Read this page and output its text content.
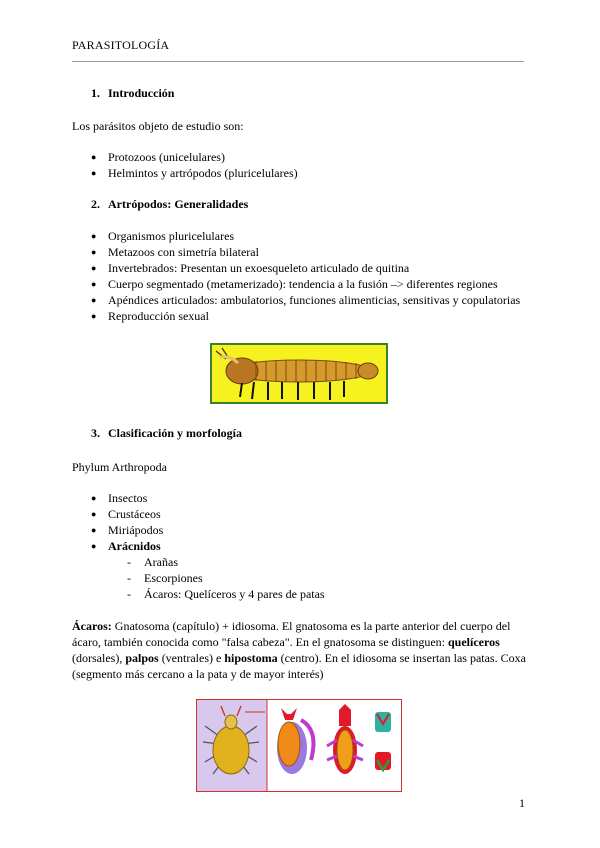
PARASITOLOGÍA
1. Introducción
Los parásitos objeto de estudio son:
● Protozoos (unicelulares)
● Helmintos y artrópodos (pluricelulares)
2. Artrópodos: Generalidades
● Organismos pluricelulares
● Metazoos con simetría bilateral
● Invertebrados: Presentan un exoesqueleto articulado de quitina
● Cuerpo segmentado (metamerizado): tendencia a la fusión –> diferentes regiones
● Apéndices articulados: ambulatorios, funciones alimenticias, sensitivas y copulatorias
● Reproducción sexual
3. Clasificación y morfología
Phylum Arthropoda
● Insectos
● Crustáceos
● Miriápodos
● Arácnidos
- Arañas
- Escorpiones
- Ácaros: Quelíceros y 4 pares de patas
Ácaros: Gnatosoma (capítulo) + idiosoma. El gnatosoma es la parte anterior del cuerpo del ácaro, también conocida como "falsa cabeza". En el gnatosoma se distinguen: quelíceros (dorsales), palpos (ventrales) e hipostoma (centro). En el idiosoma se insertan las patas. Coxa (segmento más cercano a la pata y de mayor interés)
1
